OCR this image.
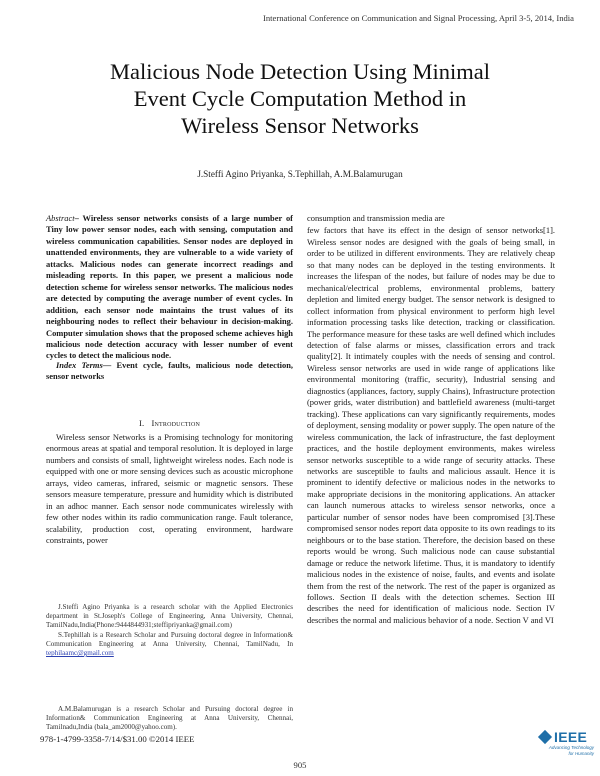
International Conference on Communication and Signal Processing, April 3-5, 2014, India
Malicious Node Detection Using Minimal
Event Cycle Computation Method in
Wireless Sensor Networks
J.Steffi Agino Priyanka, S.Tephillah, A.M.Balamurugan
Abstract– Wireless sensor networks consists of a large number of Tiny low power sensor nodes, each with sensing, computation and wireless communication capabilities. Sensor nodes are deployed in unattended environments, they are vulnerable to a wide variety of attacks. Malicious nodes can generate incorrect readings and misleading reports. In this paper, we present a malicious node detection scheme for wireless sensor networks. The malicious nodes are detected by computing the average number of event cycles. In addition, each sensor node maintains the trust values of its neighbouring nodes to reflect their behaviour in decision-making. Computer simulation shows that the proposed scheme achieves high malicious node detection accuracy with lesser number of event cycles to detect the malicious node.
Index Terms— Event cycle, faults, malicious node detection, sensor networks
I. Introduction

Wireless sensor Networks is a Promising technology for monitoring enormous areas at spatial and temporal resolution. It is deployed in large numbers and consists of small, lightweight wireless nodes. Each node is equipped with one or more sensing devices such as acoustic microphone arrays, video cameras, infrared, seismic or magnetic sensors. These sensors measure temperature, pressure and humidity which is distributed in an adhoc manner. Each sensor node communicates wirelessly with few other nodes within its radio communication range. Fault tolerance, scalability, production cost, operating environment, hardware constraints, power

consumption and transmission media are

few factors that have its effect in the design of sensor networks[1]. Wireless sensor nodes are designed with the goals of being small, in order to be utilized in different environments. They are relatively cheap so that many nodes can be deployed in the testing environments. It increases the lifespan of the nodes, but failure of nodes may be due to mechanical/electrical problems, environmental problems, battery depletion and limited energy budget. The sensor network is designed to collect information from physical environment to perform high level information processing tasks like detection, tracking or classification. The performance measure for these tasks are well defined which includes detection of false alarms or misses, classification errors and track quality[2]. It intimately couples with the needs of sensing and control. Wireless sensor networks are used in wide range of applications like environmental monitoring (traffic, security), Industrial sensing and diagnostics (appliances, factory, supply Chains), Infrastructure protection (power grids, water distribution) and battlefield awareness (multi-target tracking). These applications can vary significantly requirements, modes of deployment, sensing modality or power supply. The open nature of the wireless communication, the lack of infrastructure, the fast deployment practices, and the hostile deployment environments, makes wireless sensor networks susceptible to a wide range of security attacks. These networks are susceptible to faults and malicious assault. Hence it is prominent to identify defective or malicious nodes in the networks to make appropriate decisions in the monitoring applications. An attacker can launch numerous attacks to wireless sensor networks, once a particular number of sensor nodes have been compromised [3].These compromised sensor nodes report data opposite to its own readings to its neighbours or to the base station. Therefore, the decision based on these reports would be wrong. Such malicious node can cause substantial damage or reduce the network lifetime. Thus, it is mandatory to identify malicious nodes in the existence of noise, faults, and events and isolate them from the rest of the network. The rest of the paper is organized as follows. Section II deals with the detection schemes. Section III describes the need for identification of malicious node. Section IV describes the normal and malicious behavior of a node. Section V and VI

J.Steffi Agino Priyanka is a research scholar with the Applied Electronics department in St.Joseph's College of Engineering, Anna University, Chennai, TamilNadu,India(Phone:9444844931;steffipriyanka@gmail.com)
S.Tephillah is a Research Scholar and Pursuing doctoral degree in Information& Communication Engineering at Anna University, Chennai, TamilNadu, In tephilaamc@gmail.com
A.M.Balamurugan is a research Scholar and Pursuing doctoral degree in Information& Communication Engineering at Anna University, Chennai, Tamilnadu,India (bala_am2000@yahoo.com).
978-1-4799-3358-7/14/$31.00 ©2014 IEEE	IEEE
Advancing Technology
for Humanity
905
